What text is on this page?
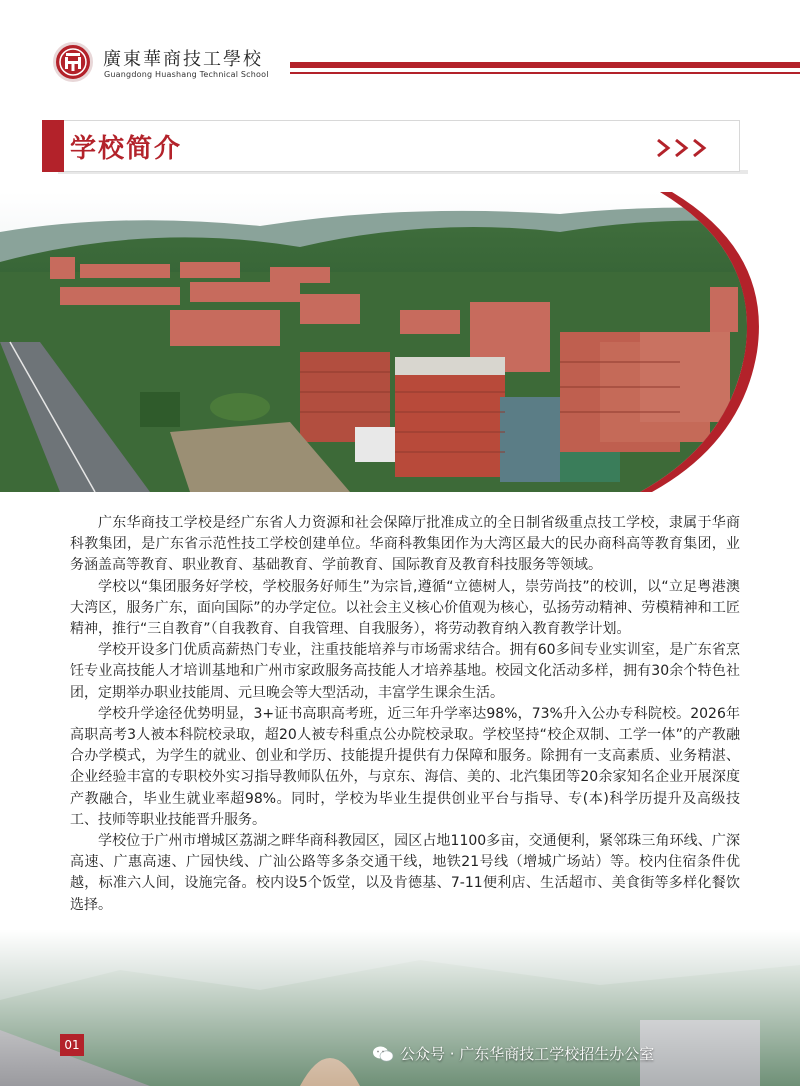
廣東華商技工學校
Guangdong Huashang Technical School
学校简介

广东华商技工学校是经广东省人力资源和社会保障厅批准成立的全日制省级重点技工学校，隶属于华商科教集团，是广东省示范性技工学校创建单位。华商科教集团作为大湾区最大的民办商科高等教育集团，业务涵盖高等教育、职业教育、基础教育、学前教育、国际教育及教育科技服务等领域。

学校以“集团服务好学校，学校服务好师生”为宗旨,遵循“立德树人，崇劳尚技”的校训，以“立足粤港澳大湾区，服务广东，面向国际”的办学定位。以社会主义核心价值观为核心，弘扬劳动精神、劳模精神和工匠精神，推行“三自教育”（自我教育、自我管理、自我服务），将劳动教育纳入教育教学计划。

学校开设多门优质高薪热门专业，注重技能培养与市场需求结合。拥有60多间专业实训室，是广东省烹饪专业高技能人才培训基地和广州市家政服务高技能人才培养基地。校园文化活动多样，拥有30余个特色社团，定期举办职业技能周、元旦晚会等大型活动，丰富学生课余生活。

学校升学途径优势明显，3+证书高职高考班，近三年升学率达98%，73%升入公办专科院校。2026年高职高考3人被本科院校录取，超20人被专科重点公办院校录取。学校坚持“校企双制、工学一体”的产教融合办学模式，为学生的就业、创业和学历、技能提升提供有力保障和服务。除拥有一支高素质、业务精湛、企业经验丰富的专职校外实习指导教师队伍外，与京东、海信、美的、北汽集团等20余家知名企业开展深度产教融合，毕业生就业率超98%。同时，学校为毕业生提供创业平台与指导、专(本)科学历提升及高级技工、技师等职业技能晋升服务。

学校位于广州市增城区荔湖之畔华商科教园区，园区占地1100多亩，交通便利，紧邻珠三角环线、广深高速、广惠高速、广园快线、广汕公路等多条交通干线，地铁21号线（增城广场站）等。校内住宿条件优越，标准六人间，设施完备。校内设5个饭堂，以及肯德基、7-11便利店、生活超市、美食街等多样化餐饮选择。

01	公众号 · 广东华商技工学校招生办公室
